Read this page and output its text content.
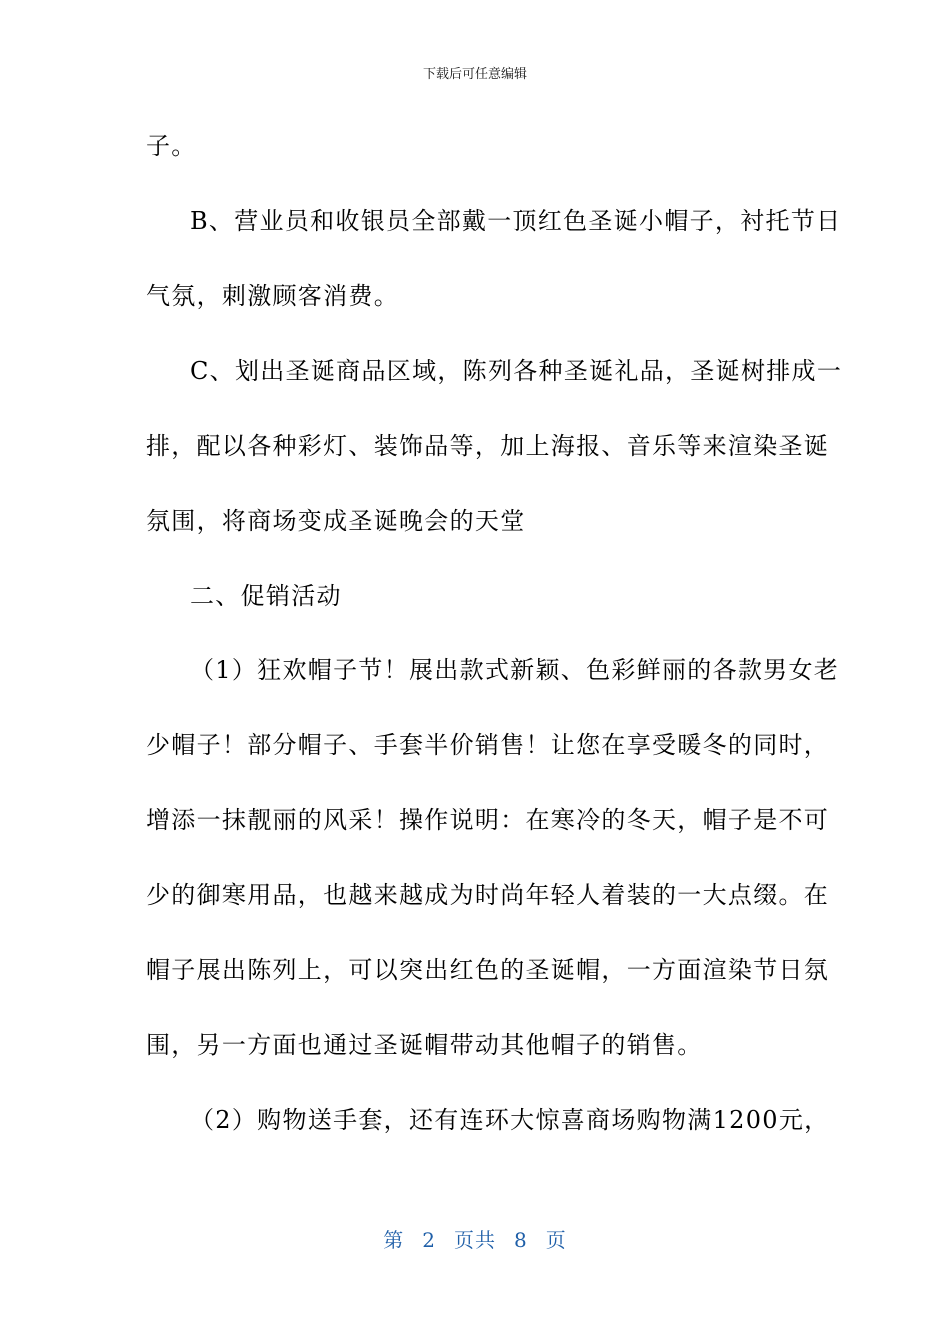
下载后可任意编辑
子。
B、营业员和收银员全部戴一顶红色圣诞小帽子，衬托节日
气氛，刺激顾客消费。
C、划出圣诞商品区域，陈列各种圣诞礼品，圣诞树排成一
排，配以各种彩灯、装饰品等，加上海报、音乐等来渲染圣诞
氛围，将商场变成圣诞晚会的天堂
二、促销活动
（1）狂欢帽子节！展出款式新颖、色彩鲜丽的各款男女老
少帽子！部分帽子、手套半价销售！让您在享受暖冬的同时，
增添一抹靓丽的风采！操作说明：在寒冷的冬天，帽子是不可
少的御寒用品，也越来越成为时尚年轻人着装的一大点缀。在
帽子展出陈列上，可以突出红色的圣诞帽，一方面渲染节日氛
围，另一方面也通过圣诞帽带动其他帽子的销售。
（2）购物送手套，还有连环大惊喜商场购物满1200元，
第 2 页共 8 页
